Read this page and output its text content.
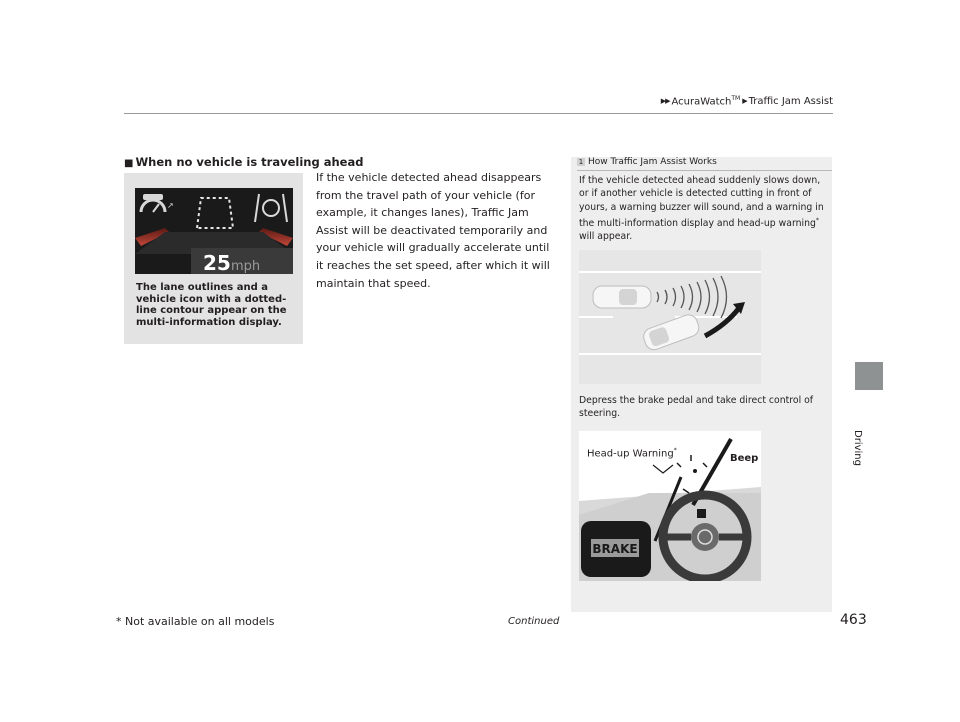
▶▶ AcuraWatch™ ▶ Traffic Jam Assist
Driving
■ When no vehicle is traveling ahead
If the vehicle detected ahead disappears from the travel path of your vehicle (for example, it changes lanes), Traffic Jam Assist will be deactivated temporarily and your vehicle will gradually accelerate until it reaches the set speed, after which it will maintain that speed.
↗
25 mph
The lane outlines and a vehicle icon with a dotted-line contour appear on the multi-information display.
1 How Traffic Jam Assist Works
If the vehicle detected ahead suddenly slows down, or if another vehicle is detected cutting in front of yours, a warning buzzer will sound, and a warning in the multi-information display and head-up warning* will appear.
Depress the brake pedal and take direct control of steering.
BRAKE
Head-up Warning*
Beep
* Not available on all models	Continued	463
